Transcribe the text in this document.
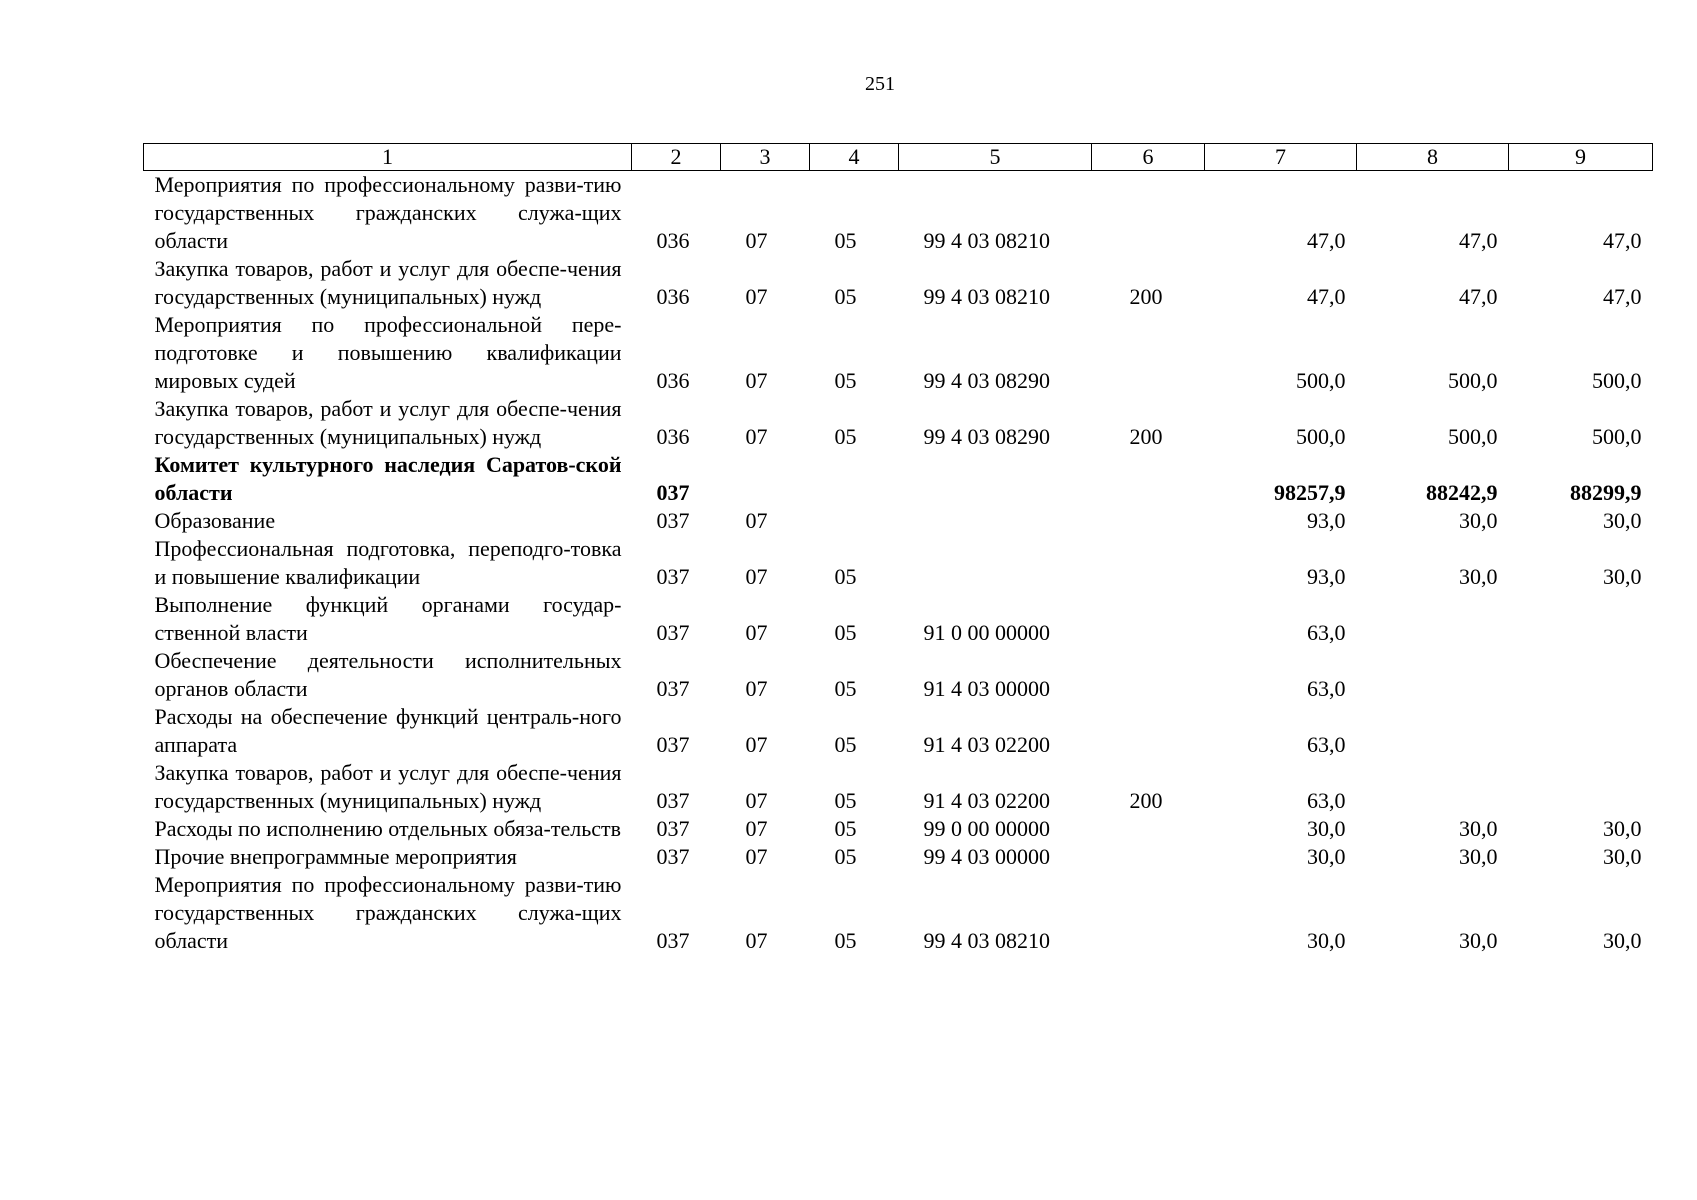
251
1	2	3	4	5	6	7	8	9
Мероприятия по профессиональному разви-тию государственных гражданских служа-щих области	036	07	05	99 4 03 08210		47,0	47,0	47,0
Закупка товаров, работ и услуг для обеспе-чения государственных (муниципальных) нужд	036	07	05	99 4 03 08210	200	47,0	47,0	47,0
Мероприятия по профессиональной пере-подготовке и повышению квалификации мировых судей	036	07	05	99 4 03 08290		500,0	500,0	500,0
Закупка товаров, работ и услуг для обеспе-чения государственных (муниципальных) нужд	036	07	05	99 4 03 08290	200	500,0	500,0	500,0
Комитет культурного наследия Саратов-ской области	037					98257,9	88242,9	88299,9
Образование	037	07				93,0	30,0	30,0
Профессиональная подготовка, переподго-товка и повышение квалификации	037	07	05			93,0	30,0	30,0
Выполнение функций органами государ-ственной власти	037	07	05	91 0 00 00000		63,0		
Обеспечение деятельности исполнительных органов области	037	07	05	91 4 03 00000		63,0		
Расходы на обеспечение функций централь-ного аппарата	037	07	05	91 4 03 02200		63,0		
Закупка товаров, работ и услуг для обеспе-чения государственных (муниципальных) нужд	037	07	05	91 4 03 02200	200	63,0		
Расходы по исполнению отдельных обяза-тельств	037	07	05	99 0 00 00000		30,0	30,0	30,0
Прочие внепрограммные мероприятия	037	07	05	99 4 03 00000		30,0	30,0	30,0
Мероприятия по профессиональному разви-тию государственных гражданских служа-щих области	037	07	05	99 4 03 08210		30,0	30,0	30,0
